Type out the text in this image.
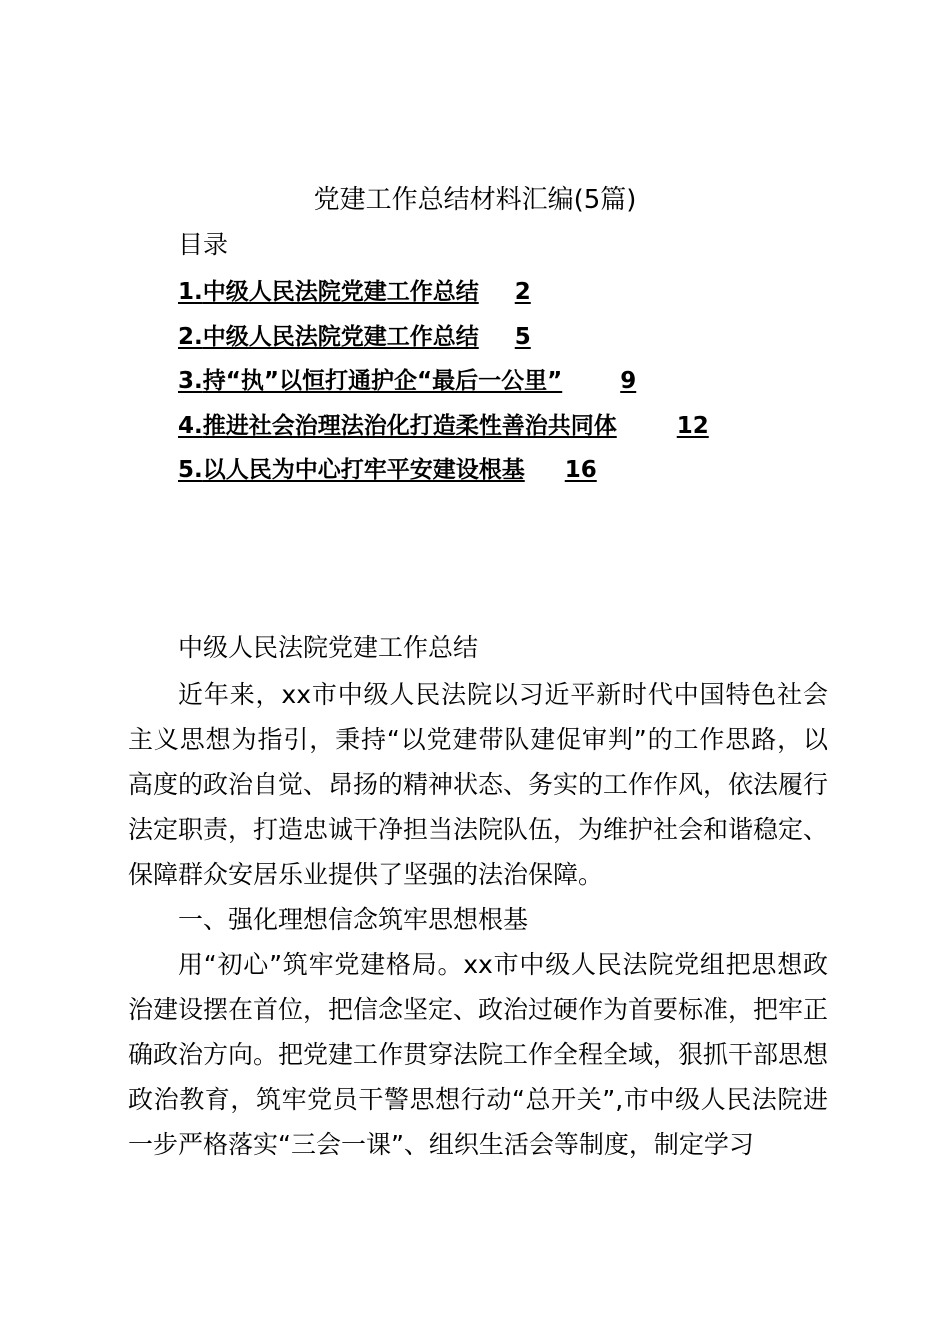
党建工作总结材料汇编(5篇)
目录
1.中级人民法院党建工作总结 2
2.中级人民法院党建工作总结 5
3.持“执”以恒打通护企“最后一公里”	9
4.推进社会治理法治化打造柔性善治共同体	12
5.以人民为中心打牢平安建设根基 16
中级人民法院党建工作总结

近年来，xx市中级人民法院以习近平新时代中国特色社会主义思想为指引，秉持“以党建带队建促审判”的工作思路，以高度的政治自觉、昂扬的精神状态、务实的工作作风，依法履行法定职责，打造忠诚干净担当法院队伍，为维护社会和谐稳定、保障群众安居乐业提供了坚强的法治保障。

一、强化理想信念筑牢思想根基

用“初心”筑牢党建格局。xx市中级人民法院党组把思想政治建设摆在首位，把信念坚定、政治过硬作为首要标准，把牢正确政治方向。把党建工作贯穿法院工作全程全域，狠抓干部思想政治教育，筑牢党员干警思想行动“总开关”,市中级人民法院进一步严格落实“三会一课”、组织生活会等制度，制定学习
